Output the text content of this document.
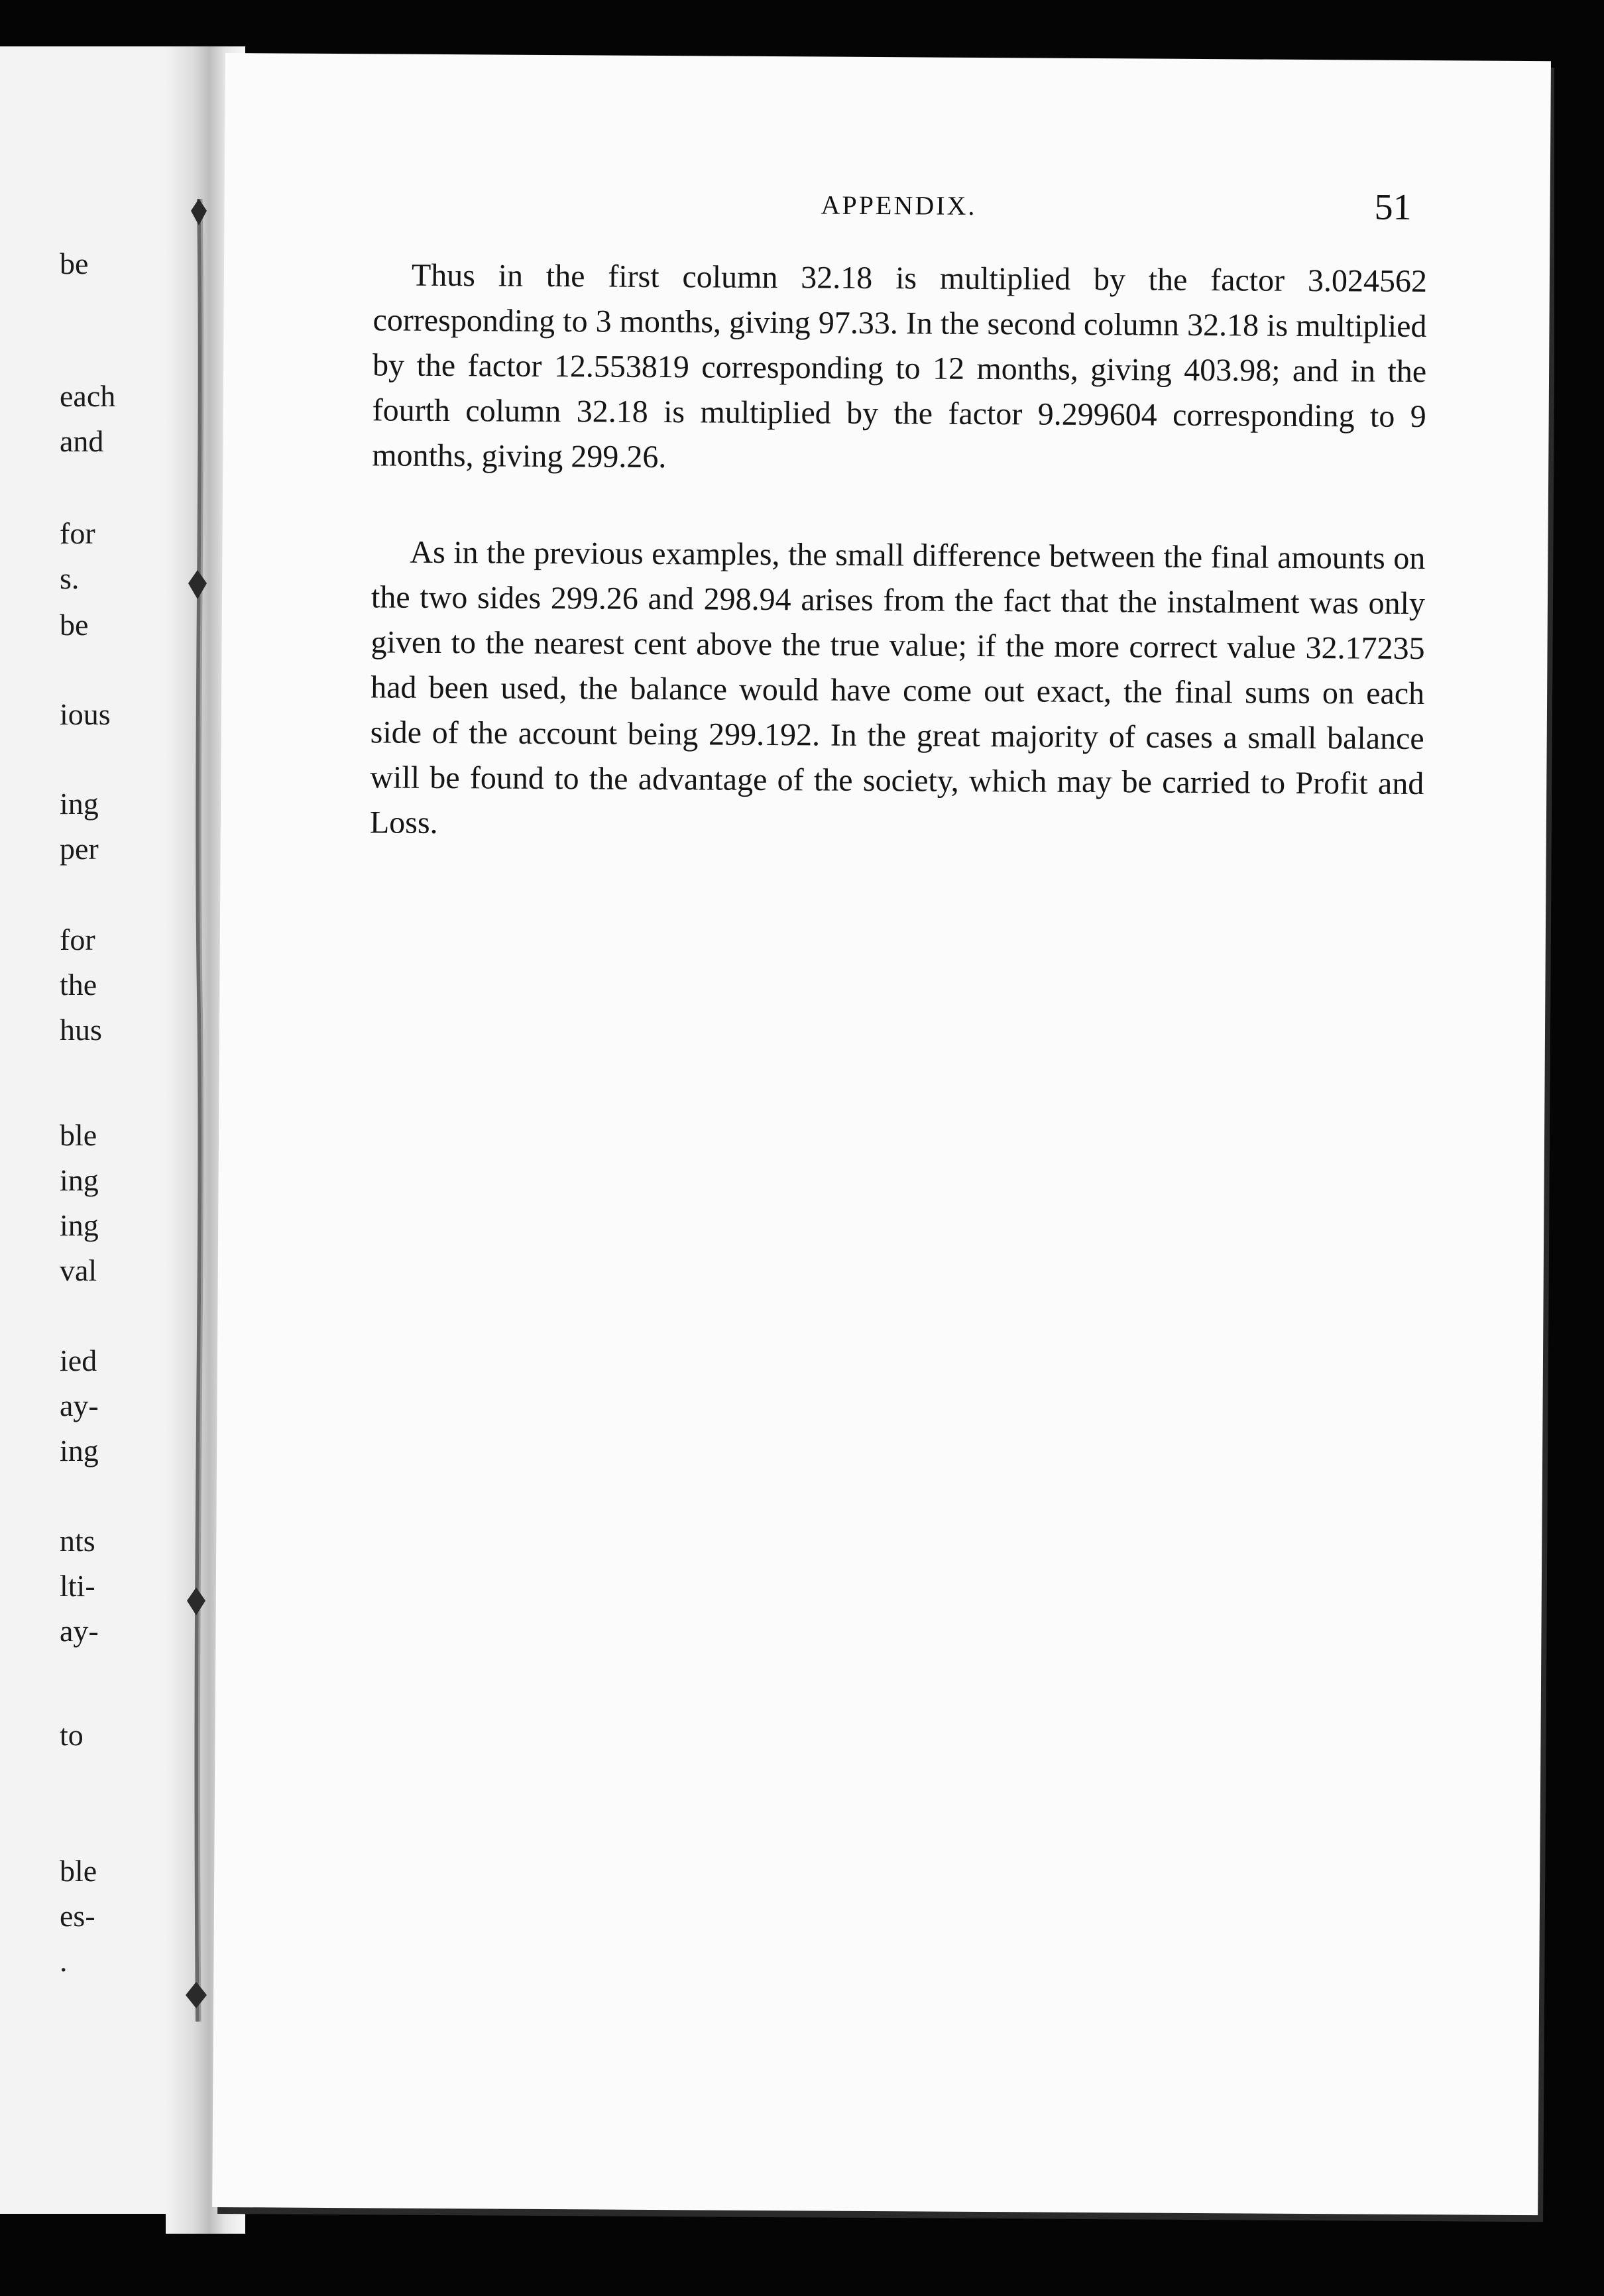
be
each
and
for
s.
be
ious
ing
per
for
the
hus
ble
ing
ing
val
ied
ay-
ing
nts
lti-
ay-
to
ble
es-
.
APPENDIX.	51

Thus in the first column 32.18 is multiplied by the factor 3.024562 corresponding to 3 months, giving 97.33. In the second column 32.18 is multiplied by the factor 12.553819 corresponding to 12 months, giving 403.98; and in the fourth column 32.18 is multiplied by the factor 9.299604 corresponding to 9 months, giving 299.26.

As in the previous examples, the small difference between the final amounts on the two sides 299.26 and 298.94 arises from the fact that the instalment was only given to the nearest cent above the true value; if the more correct value 32.17235 had been used, the balance would have come out exact, the final sums on each side of the account being 299.192. In the great majority of cases a small balance will be found to the advantage of the society, which may be carried to Profit and Loss.
